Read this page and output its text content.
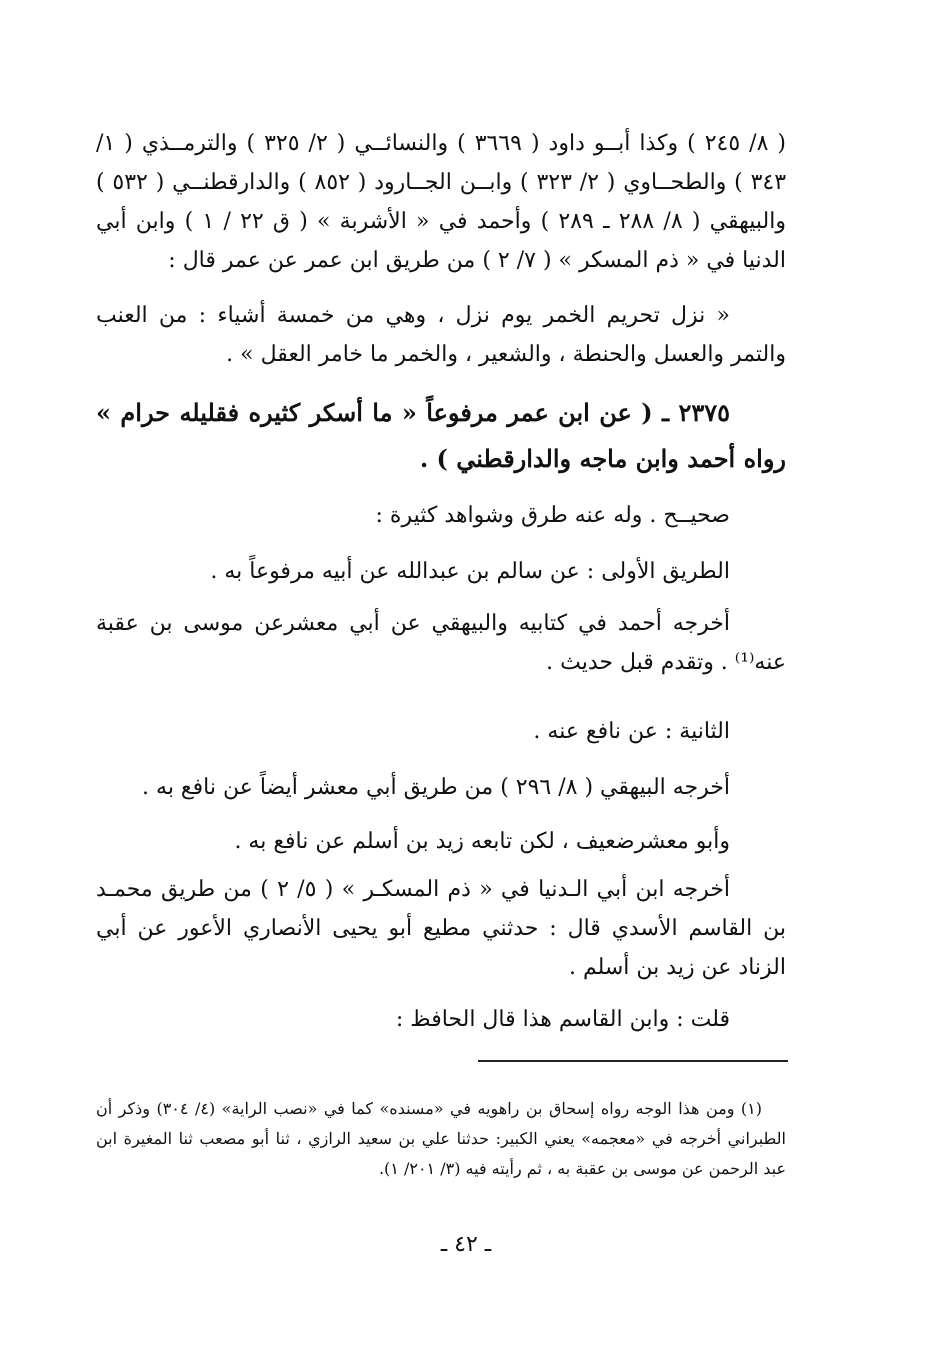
( ٨/ ٢٤٥ ) وكذا أبــو داود ( ٣٦٦٩ ) والنسائــي ( ٢/ ٣٢٥ ) والترمــذي ( ١/ ٣٤٣ ) والطحــاوي ( ٢/ ٣٢٣ ) وابــن الجــارود ( ٨٥٢ ) والدارقطنــي ( ٥٣٢ ) والبيهقي ( ٨/ ٢٨٨ ـ ٢٨٩ ) وأحمد في « الأشربة » ( ق ٢٢ / ١ ) وابن أبي الدنيا في « ذم المسكر » ( ٧/ ٢ ) من طريق ابن عمر عن عمر قال :

« نزل تحريم الخمر يوم نزل ، وهي من خمسة أشياء : من العنب والتمر والعسل والحنطة ، والشعير ، والخمر ما خامر العقل » .

٢٣٧٥ ـ ( عن ابن عمر مرفوعاً « ما أسكر كثيره فقليله حرام » رواه أحمد وابن ماجه والدارقطني ) .

صحيــح . وله عنه طرق وشواهد كثيرة :

الطريق الأولى : عن سالم بن عبدالله عن أبيه مرفوعاً به .

أخرجه أحمد في كتابيه والبيهقي عن أبي معشرعن موسى بن عقبة عنه⁽¹⁾ . وتقدم قبل حديث .

الثانية : عن نافع عنه .

أخرجه البيهقي ( ٨/ ٢٩٦ ) من طريق أبي معشر أيضاً عن نافع به .

وأبو معشرضعيف ، لكن تابعه زيد بن أسلم عن نافع به .

أخرجه ابن أبي الـدنيا في « ذم المسكـر » ( ٥/ ٢ ) من طريق محمـد بن القاسم الأسدي قال : حدثني مطيع أبو يحيى الأنصاري الأعور عن أبي الزناد عن زيد بن أسلم .

قلت : وابن القاسم هذا قال الحافظ :

(١) ومن هذا الوجه رواه إسحاق بن راهويه في «مسنده» كما في «نصب الراية» (٤/ ٣٠٤) وذكر أن الطبراني أخرجه في «معجمه» يعني الكبير: حدثنا علي بن سعيد الرازي ، ثنا أبو مصعب ثنا المغيرة ابن عبد الرحمن عن موسى بن عقبة به ، ثم رأيته فيه (٣/ ٢٠١/ ١).

ـ ٤٢ ـ
